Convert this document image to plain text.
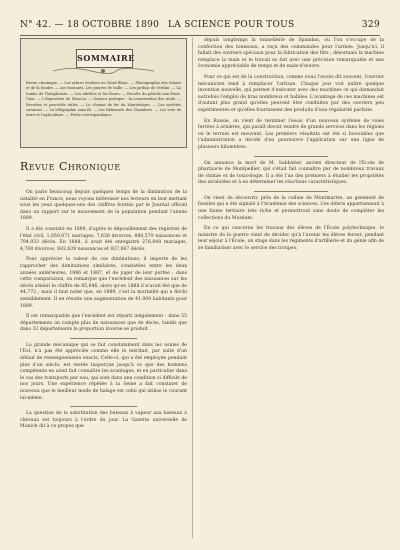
N° 42. — 18 OCTOBRE 1890 LA SCIENCE POUR TOUS	329
SOMMAIRE
Revue chronique. — Les arbres fruitiers au Mont-Blanc. — Photographie des éclairs et de la foudre. — Arc-boutants. Les pierres de taille. — Les jardins de Verdun. — La tombe de Théophraste. — Les abeilles et les fleurs. — Récolte du pétrole aux États-Unis. — L'Exposition de Moscou. — Science pratique : la conservation des œufs. — Recettes et procédés utiles. — Le chemin de fer du Monténégro. — Les sociétés savantes. — La télégraphie sans fil. — Les bâtiments des Chambres. — Les vers de terre et l'agriculture. — Petite correspondance.
Revue Chronique

On parle beaucoup depuis quelques temps de la diminution de la natalité en France, nous voyons intéresser nos lecteurs en leur mettant sous les yeux quelques-uns des chiffres fournis par le Journal officiel dans un rapport sur le mouvement de la population pendant l'année 1889.

Il a été constaté en 1889, d'après le dépouillement des registres de l'état civil, 1,859,071 mariages, 7,638 divorces, 880,579 naissances et 794,933 décès. En 1888, il avait été enregistré 276,848 mariages, 4,708 divorces, 882,639 naissances et 837,867 décès.

Pour apprécier la valeur de ces diminutions, il importe de les rapprocher des diminutions similaires, constatées entre les deux années antérieures, 1886 et 1887, et de juger de leur portée ; dans cette comparaison, on remarque que l'excédent des naissances sur les décès atteint le chiffre de 85,646, alors qu'en 1888 il n'avait été que de 44,772 ; mais il faut noter que, en 1889, c'est la mortalité qui a fléchi sensiblement. Il en résulte une augmentation de 41,000 habitants pour 1889.

Il est remarquable que l'excédent est réparti inégalement : dans 55 départements on compte plus de naissances que de décès, tandis que dans 32 départements la proportion inverse se produit.

La grande mécanique qui se fait constamment dans les usines de l'Est, n'a pas été appréciée comme elle le méritait, par suite d'un défaut de renseignements exacts. Celle-ci, qui a été employée pendant plus d'un siècle, est restée inaperçue jusqu'à ce que des hommes compétents en aient fait connaître les avantages, et en particulier dans le cas des transports par eau, qui sont dans une condition si difficile de nos jours. Une expérience répétée à la Seine a fait constater de nouveau que le meilleur mode de halage est celui qui utilise le courant lui-même.

La question de la substitution des bateaux à vapeur aux bateaux à chevaux est toujours à l'ordre du jour. La Gazette universelle de Munich dit à ce propos que

depuis longtemps la tonnellerie de Spandau, où l'on s'occupe de la confection des tonneaux, a reçu des commandes pour l'armée. Jusqu'ici, il fallait des ouvriers spéciaux pour la fabrication des fûts ; désormais la machine remplace la main et le travail se fait avec une précision remarquable et une économie appréciable de temps et de main-d'œuvre.

Pour ce qui est de la construction, comme nous l'avons dit souvent, l'ouvrier mécanicien tend à remplacer l'artisan. Chaque jour voit naître quelque invention nouvelle, qui permet d'exécuter avec des machines ce qui demandait autrefois l'emploi de bras nombreux et habiles. L'avantage de ces machines est d'autant plus grand qu'elles peuvent être conduites par des ouvriers peu expérimentés et qu'elles fournissent des produits d'une régularité parfaite.

En Russie, on vient de terminer l'essai d'un nouveau système de voies ferrées à ornières, qui paraît devoir rendre de grands services dans les régions où le terrain est mouvant. Les premiers résultats ont été si favorables que l'administration a décidé d'en poursuivre l'application sur une ligne de plusieurs kilomètres.

On annonce la mort de M. Sabbatier, ancien directeur de l'École de pharmacie de Montpellier, qui s'était fait connaître par de nombreux travaux de chimie et de toxicologie. Il a été l'un des premiers à étudier les propriétés des alcaloïdes et à en déterminer les réactions caractéristiques.

On vient de découvrir, près de la colline de Montmartre, un gisement de fossiles qui a été signalé à l'Académie des sciences. Ces débris appartiennent à une faune tertiaire très riche et permettront sans doute de compléter les collections du Muséum.

En ce qui concerne les travaux des élèves de l'École polytechnique, le ministre de la guerre vient de décider qu'à l'avenir les élèves feront, pendant leur séjour à l'École, un stage dans les régiments d'artillerie et du génie afin de se familiariser avec le service des troupes.
